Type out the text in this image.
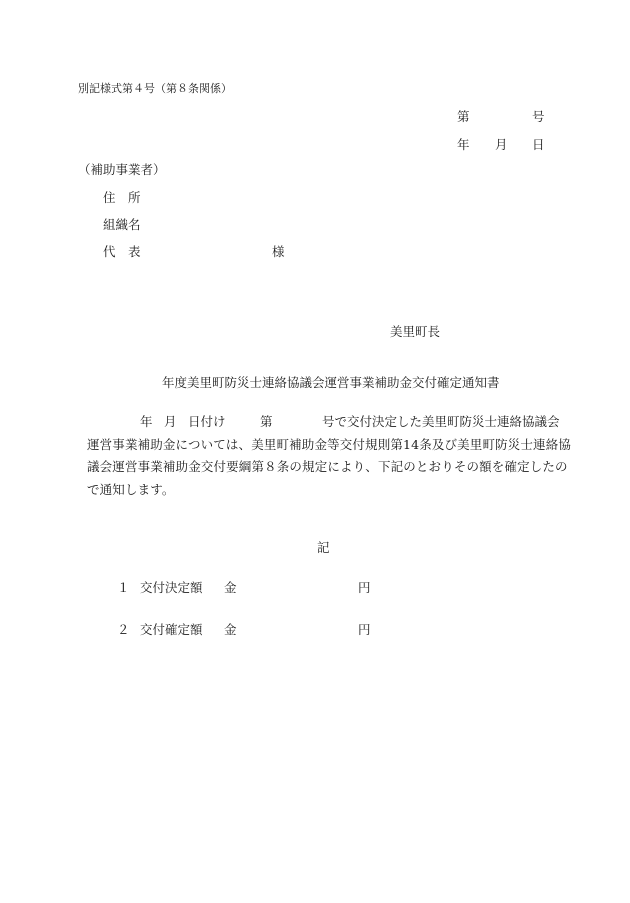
別記様式第４号（第８条関係）
第	号
年 月 日
（補助事業者）
住　所
組織名
代　表	様
美里町長
年度美里町防災士連絡協議会運営事業補助金交付確定通知書
年 月 日付け	第	号で交付決定した美里町防災士連絡協議会
運営事業補助金については、美里町補助金等交付規則第14条及び美里町防災士連絡協
議会運営事業補助金交付要綱第８条の規定により、下記のとおりその額を確定したの
で通知します。
記
１ 交付決定額 金	円
２ 交付確定額 金	円
